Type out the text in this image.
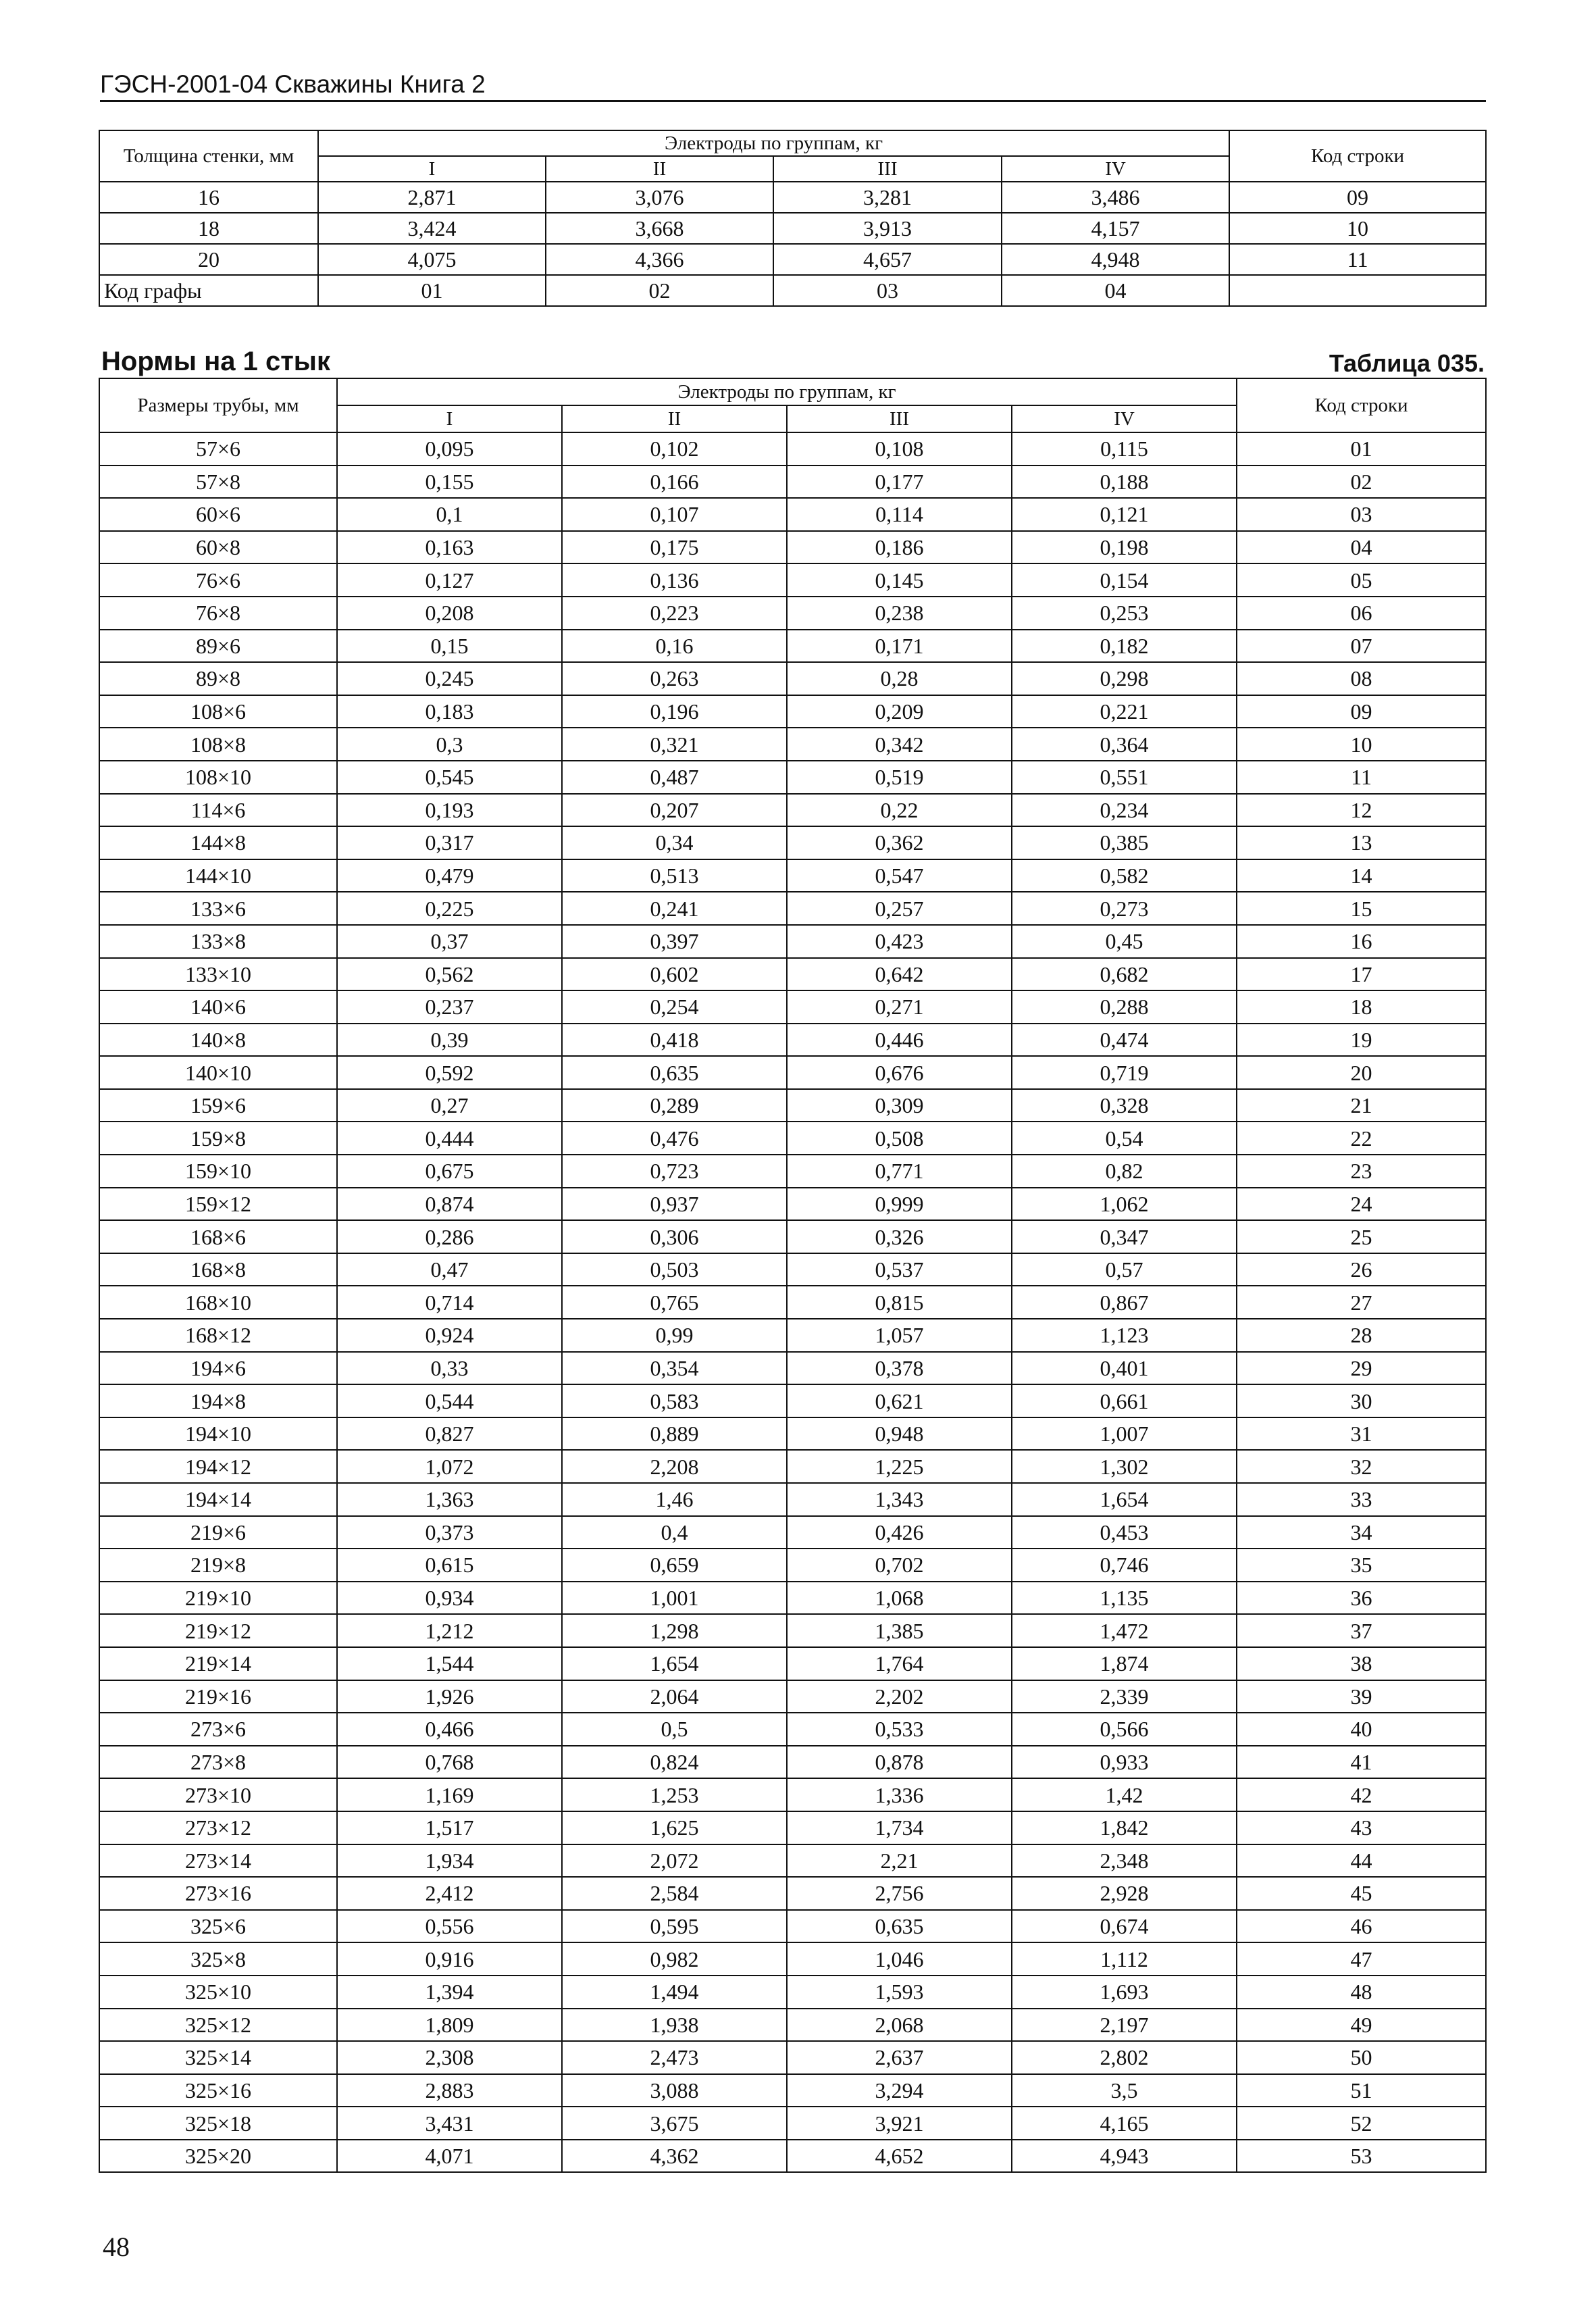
ГЭСН-2001-04 Скважины Книга 2
Толщина стенки, мм	Электроды по группам, кг				Код строки
	I	II	III	IV	
16	2,871	3,076	3,281	3,486	09
18	3,424	3,668	3,913	4,157	10
20	4,075	4,366	4,657	4,948	11
Код графы	01	02	03	04	
Нормы на 1 стык	Таблица 035.
Размеры трубы, мм	Электроды по группам, кг				Код строки
	I	II	III	IV	
57×6	0,095	0,102	0,108	0,115	01
57×8	0,155	0,166	0,177	0,188	02
60×6	0,1	0,107	0,114	0,121	03
60×8	0,163	0,175	0,186	0,198	04
76×6	0,127	0,136	0,145	0,154	05
76×8	0,208	0,223	0,238	0,253	06
89×6	0,15	0,16	0,171	0,182	07
89×8	0,245	0,263	0,28	0,298	08
108×6	0,183	0,196	0,209	0,221	09
108×8	0,3	0,321	0,342	0,364	10
108×10	0,545	0,487	0,519	0,551	11
114×6	0,193	0,207	0,22	0,234	12
144×8	0,317	0,34	0,362	0,385	13
144×10	0,479	0,513	0,547	0,582	14
133×6	0,225	0,241	0,257	0,273	15
133×8	0,37	0,397	0,423	0,45	16
133×10	0,562	0,602	0,642	0,682	17
140×6	0,237	0,254	0,271	0,288	18
140×8	0,39	0,418	0,446	0,474	19
140×10	0,592	0,635	0,676	0,719	20
159×6	0,27	0,289	0,309	0,328	21
159×8	0,444	0,476	0,508	0,54	22
159×10	0,675	0,723	0,771	0,82	23
159×12	0,874	0,937	0,999	1,062	24
168×6	0,286	0,306	0,326	0,347	25
168×8	0,47	0,503	0,537	0,57	26
168×10	0,714	0,765	0,815	0,867	27
168×12	0,924	0,99	1,057	1,123	28
194×6	0,33	0,354	0,378	0,401	29
194×8	0,544	0,583	0,621	0,661	30
194×10	0,827	0,889	0,948	1,007	31
194×12	1,072	2,208	1,225	1,302	32
194×14	1,363	1,46	1,343	1,654	33
219×6	0,373	0,4	0,426	0,453	34
219×8	0,615	0,659	0,702	0,746	35
219×10	0,934	1,001	1,068	1,135	36
219×12	1,212	1,298	1,385	1,472	37
219×14	1,544	1,654	1,764	1,874	38
219×16	1,926	2,064	2,202	2,339	39
273×6	0,466	0,5	0,533	0,566	40
273×8	0,768	0,824	0,878	0,933	41
273×10	1,169	1,253	1,336	1,42	42
273×12	1,517	1,625	1,734	1,842	43
273×14	1,934	2,072	2,21	2,348	44
273×16	2,412	2,584	2,756	2,928	45
325×6	0,556	0,595	0,635	0,674	46
325×8	0,916	0,982	1,046	1,112	47
325×10	1,394	1,494	1,593	1,693	48
325×12	1,809	1,938	2,068	2,197	49
325×14	2,308	2,473	2,637	2,802	50
325×16	2,883	3,088	3,294	3,5	51
325×18	3,431	3,675	3,921	4,165	52
325×20	4,071	4,362	4,652	4,943	53
48
